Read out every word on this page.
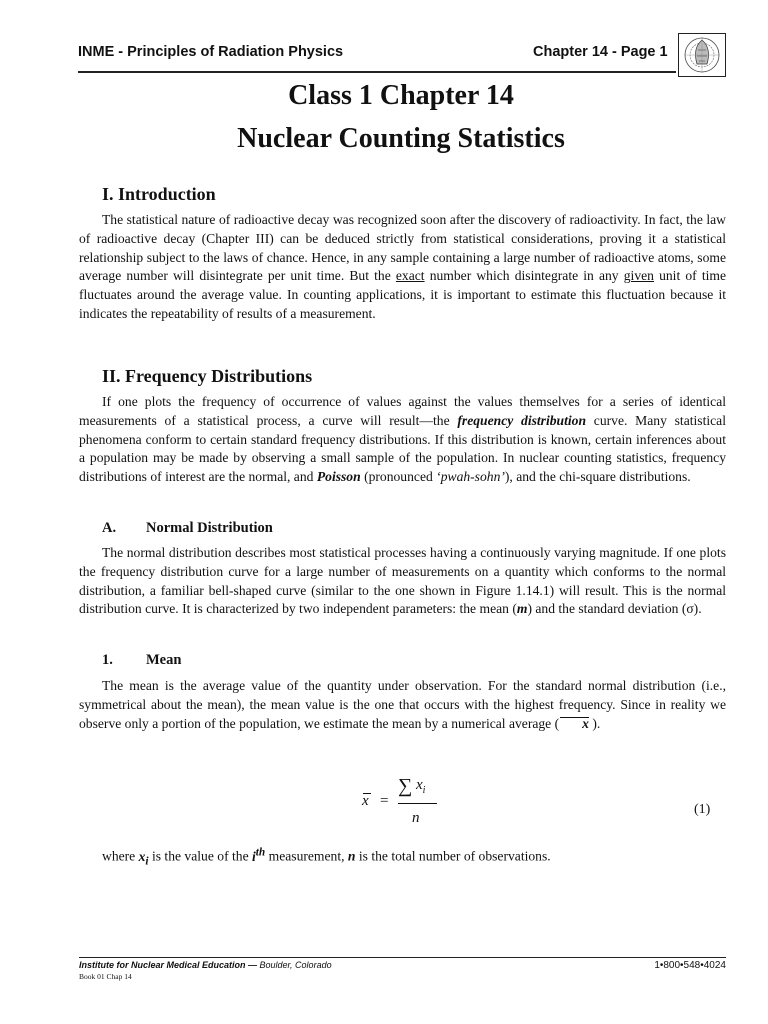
INME - Principles of Radiation Physics	Chapter 14 - Page 1
Class 1 Chapter 14
Nuclear Counting Statistics
I. Introduction
The statistical nature of radioactive decay was recognized soon after the discovery of radioactivity. In fact, the law of radioactive decay (Chapter III) can be deduced strictly from statistical considerations, proving it a statistical relationship subject to the laws of chance. Hence, in any sample containing a large number of radioactive atoms, some average number will disintegrate per unit time. But the exact number which disintegrate in any given unit of time fluctuates around the average value. In counting applications, it is important to estimate this fluctuation because it indicates the repeatability of results of a measurement.
II. Frequency Distributions
If one plots the frequency of occurrence of values against the values themselves for a series of identical measurements of a statistical process, a curve will result—the frequency distribution curve. Many statistical phenomena conform to certain standard frequency distributions. If this distribution is known, certain inferences about a population may be made by observing a small sample of the population. In nuclear counting statistics, frequency distributions of interest are the normal, and Poisson (pronounced ‘pwah-sohn’), and the chi-square distributions.
A. Normal Distribution
The normal distribution describes most statistical processes having a continuously varying magnitude. If one plots the frequency distribution curve for a large number of measurements on a quantity which conforms to the normal distribution, a familiar bell-shaped curve (similar to the one shown in Figure 1.14.1) will result. This is the normal distribution curve. It is characterized by two independent parameters: the mean (m) and the standard deviation (σ).
1. Mean
The mean is the average value of the quantity under observation. For the standard normal distribution (i.e., symmetrical about the mean), the mean value is the one that occurs with the highest frequency. Since in reality we observe only a portion of the population, we estimate the mean by a numerical average ( x ).
x =
∑ $x_i$
n
(1)
where $x_i$ is the value of the $i^{th}$ measurement, n is the total number of observations.
Institute for Nuclear Medical Education — Boulder, Colorado
Book 01 Chap 14
1•800•548•4024
